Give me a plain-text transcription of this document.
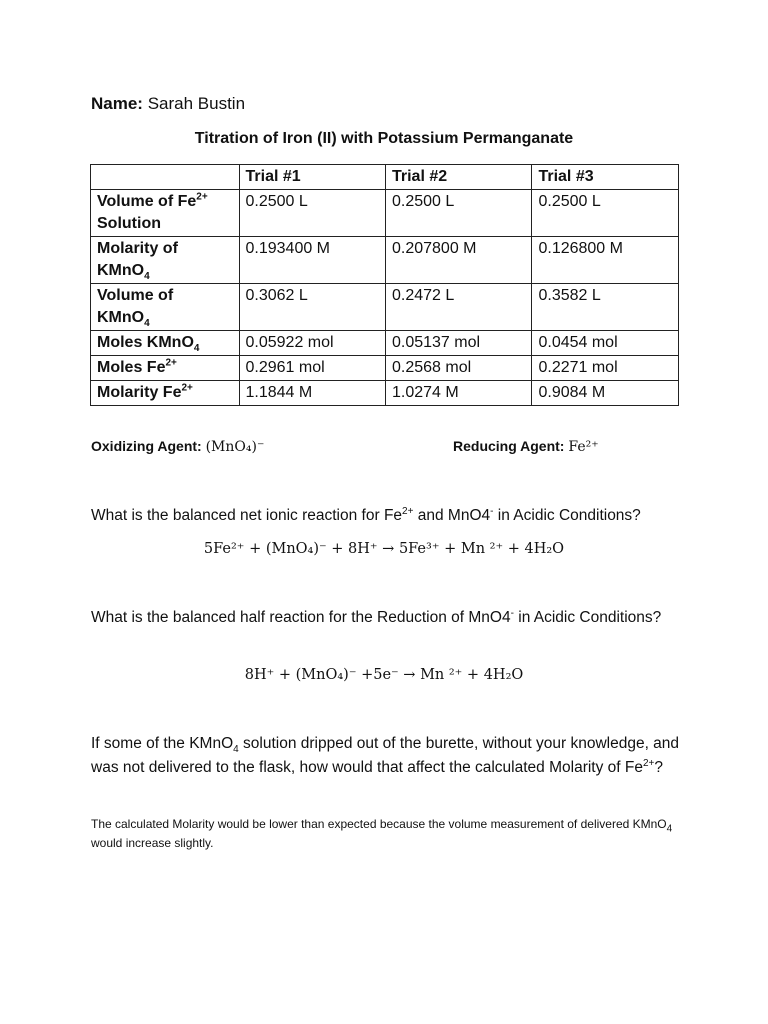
Name: Sarah Bustin
Titration of Iron (II) with Potassium Permanganate
	Trial #1	Trial #2	Trial #3
Volume of $Fe^{2+}$
Solution	0.2500 L	0.2500 L	0.2500 L
Molarity of
KMnO$_4$	0.193400 M	0.207800 M	0.126800 M
Volume of
KMnO$_4$	0.3062 L	0.2472 L	0.3582 L
Moles KMnO$_4$	0.05922 mol	0.05137 mol	0.0454 mol
Moles $Fe^{2+}$	0.2961 mol	0.2568 mol	0.2271 mol
Molarity $Fe^{2+}$	1.1844 M	1.0274 M	0.9084 M
Oxidizing Agent: (MnO₄)⁻	Reducing Agent: Fe²⁺
What is the balanced net ionic reaction for $Fe^{2+}$ and MnO4- in Acidic Conditions?
5Fe²⁺ + (MnO₄)⁻ + 8H⁺ → 5Fe³⁺ + Mn ²⁺ + 4H₂O
What is the balanced half reaction for the Reduction of MnO4- in Acidic Conditions?
8H⁺ + (MnO₄)⁻ +5e⁻ → Mn ²⁺ + 4H₂O
If some of the KMnO$_4$ solution dripped out of the burette, without your knowledge, and was not delivered to the flask, how would that affect the calculated Molarity of $Fe^{2+}$?
The calculated Molarity would be lower than expected because the volume measurement of delivered KMnO$_4$ would increase slightly.
